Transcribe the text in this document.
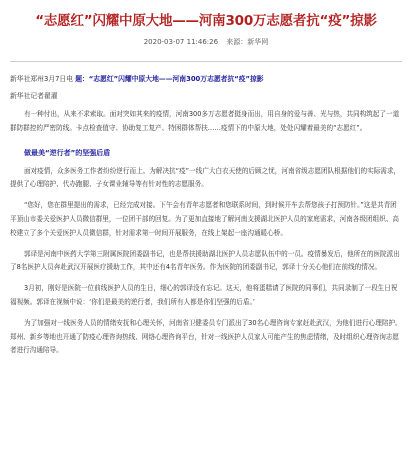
“志愿红”闪耀中原大地——河南300万志愿者抗“疫”掠影
2020-03-07 11:46:26 来源：新华网
新华社郑州3月7日电 题：“志愿红”闪耀中原大地——河南300万志愿者抗“疫”掠影
新华社记者翟濯

有一种付出，从来不求索取。面对突如其来的疫情，河南300多万志愿者挺身而出，用自身的爱与善、光与热，共同构筑起了一道群防群控的严密防线。卡点检查值守、协助复工复产、特困群体帮扶……疫情下的中原大地，处处闪耀着最美的“志愿红”。

做最美“逆行者”的坚强后盾

面对疫情，众多医务工作者纷纷逆行而上。为解决抗“疫”一线广大白衣天使的后顾之忧，河南省级志愿团队根据他们的实际需求，提供了心理陪护、代办跑腿、子女课业辅导等有针对性的志愿服务。

“您好，您在群里提出的需求，已经完成对接。下午会有青年志愿者和您联系时间，到时候开车去帮您孩子打预防针。”这是共青团平顶山市委关爱医护人员微信群里，一位团干部的回复。为了更加直接地了解河南支援湖北医护人员的家庭需求，河南各级团组织、高校建立了多个关爱医护人员微信群，针对需求第一时间开展服务，在线上架起一座沟通暖心桥。

郭译是河南中医药大学第三附属医院团委副书记，也是帮扶援助湖北医护人员志愿队伍中的一员。疫情暴发后，他所在的医院派出了8名医护人员奔赴武汉开展医疗援助工作，其中还有4名青年医务。作为医院的团委副书记，郭译十分关心他们在前线的情况。

3月初，刚好是医院一位前线医护人员的生日，细心的郭译没有忘记。这天，他将蛋糕请了医院的同事们，共同录制了一段生日祝福视频。郭译在视频中说：‘你们是最美的逆行者，我们所有人都是你们坚强的后盾。’

为了加强对一线医务人员的情绪安抚和心理关怀，河南省卫健委员专门派出了30名心理咨询专家赶赴武汉，为他们进行心理陪护。郑州、新乡等地也开通了防疫心理咨询热线、网络心理咨询平台，针对一线医护人员家人可能产生的焦虑情绪，及时组织心理咨询志愿者进行沟通陪导。
